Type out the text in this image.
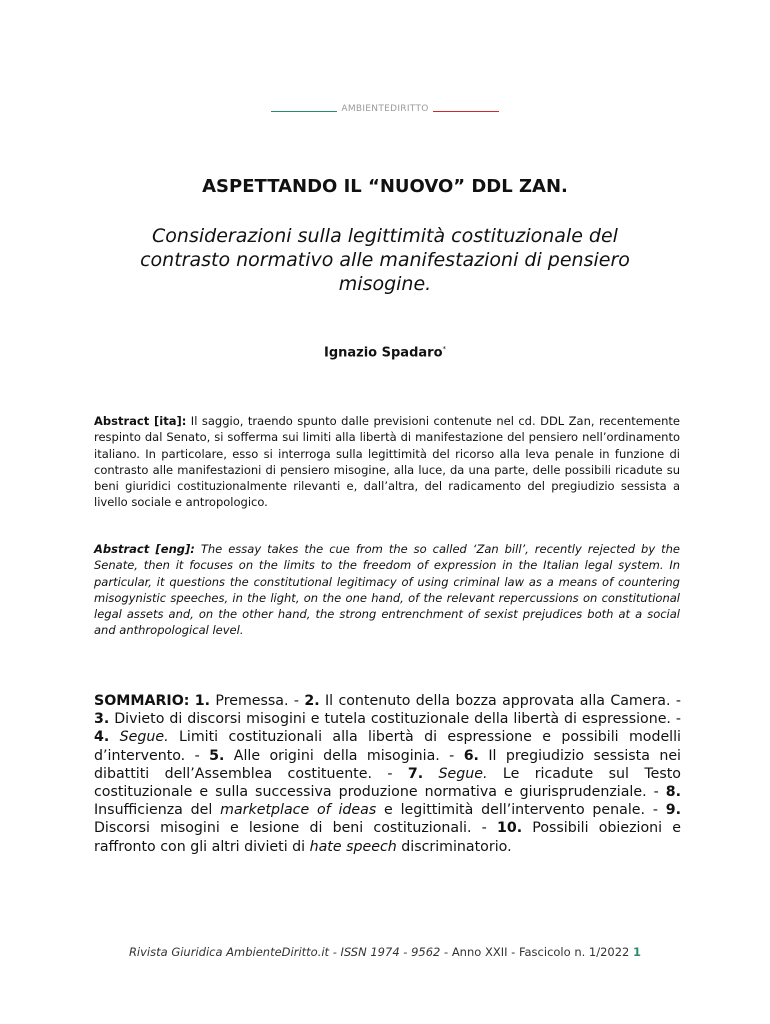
AMBIENTEDIRITTO
ASPETTANDO IL “NUOVO” DDL ZAN.
Considerazioni sulla legittimità costituzionale del contrasto normativo alle manifestazioni di pensiero misogine.
Ignazio Spadaro*
Abstract [ita]: Il saggio, traendo spunto dalle previsioni contenute nel cd. DDL Zan, recentemente respinto dal Senato, si sofferma sui limiti alla libertà di manifestazione del pensiero nell’ordinamento italiano. In particolare, esso si interroga sulla legittimità del ricorso alla leva penale in funzione di contrasto alle manifestazioni di pensiero misogine, alla luce, da una parte, delle possibili ricadute su beni giuridici costituzionalmente rilevanti e, dall’altra, del radicamento del pregiudizio sessista a livello sociale e antropologico.
Abstract [eng]: The essay takes the cue from the so called ‘Zan bill’, recently rejected by the Senate, then it focuses on the limits to the freedom of expression in the Italian legal system. In particular, it questions the constitutional legitimacy of using criminal law as a means of countering misogynistic speeches, in the light, on the one hand, of the relevant repercussions on constitutional legal assets and, on the other hand, the strong entrenchment of sexist prejudices both at a social and anthropological level.
SOMMARIO: 1. Premessa. - 2. Il contenuto della bozza approvata alla Camera. - 3. Divieto di discorsi misogini e tutela costituzionale della libertà di espressione. - 4. Segue. Limiti costituzionali alla libertà di espressione e possibili modelli d’intervento. - 5. Alle origini della misoginia. - 6. Il pregiudizio sessista nei dibattiti dell’Assemblea costituente. - 7. Segue. Le ricadute sul Testo costituzionale e sulla successiva produzione normativa e giurisprudenziale. - 8. Insufficienza del marketplace of ideas e legittimità dell’intervento penale. - 9. Discorsi misogini e lesione di beni costituzionali. - 10. Possibili obiezioni e raffronto con gli altri divieti di hate speech discriminatorio.
Rivista Giuridica AmbienteDiritto.it - ISSN 1974 - 9562 - Anno XXII - Fascicolo n. 1/2022 1
